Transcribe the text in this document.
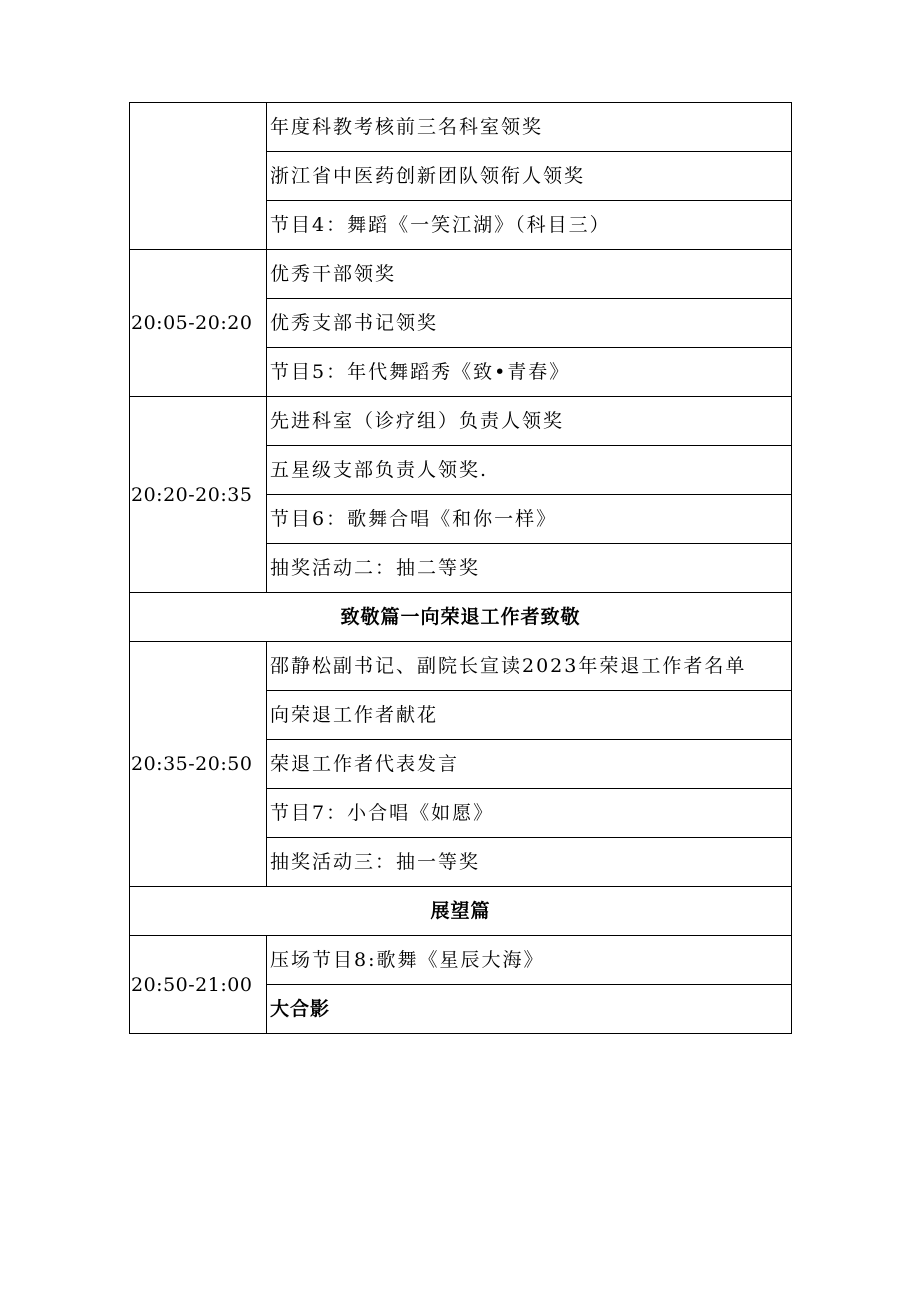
	年度科教考核前三名科室领奖
	浙江省中医药创新团队领衔人领奖
	节目4：舞蹈《一笑江湖》（科目三）
20:05-20:20	优秀干部领奖
	优秀支部书记领奖
	节目5：年代舞蹈秀《致•青春》
20:20-20:35	先进科室（诊疗组）负责人领奖
	五星级支部负责人领奖.
	节目6：歌舞合唱《和你一样》
	抽奖活动二：抽二等奖
致敬篇一向荣退工作者致敬	
20:35-20:50	邵静松副书记、副院长宣读2023年荣退工作者名单
	向荣退工作者献花
	荣退工作者代表发言
	节目7：小合唱《如愿》
	抽奖活动三：抽一等奖
展望篇	
20:50-21:00	压场节目8:歌舞《星辰大海》
	大合影
